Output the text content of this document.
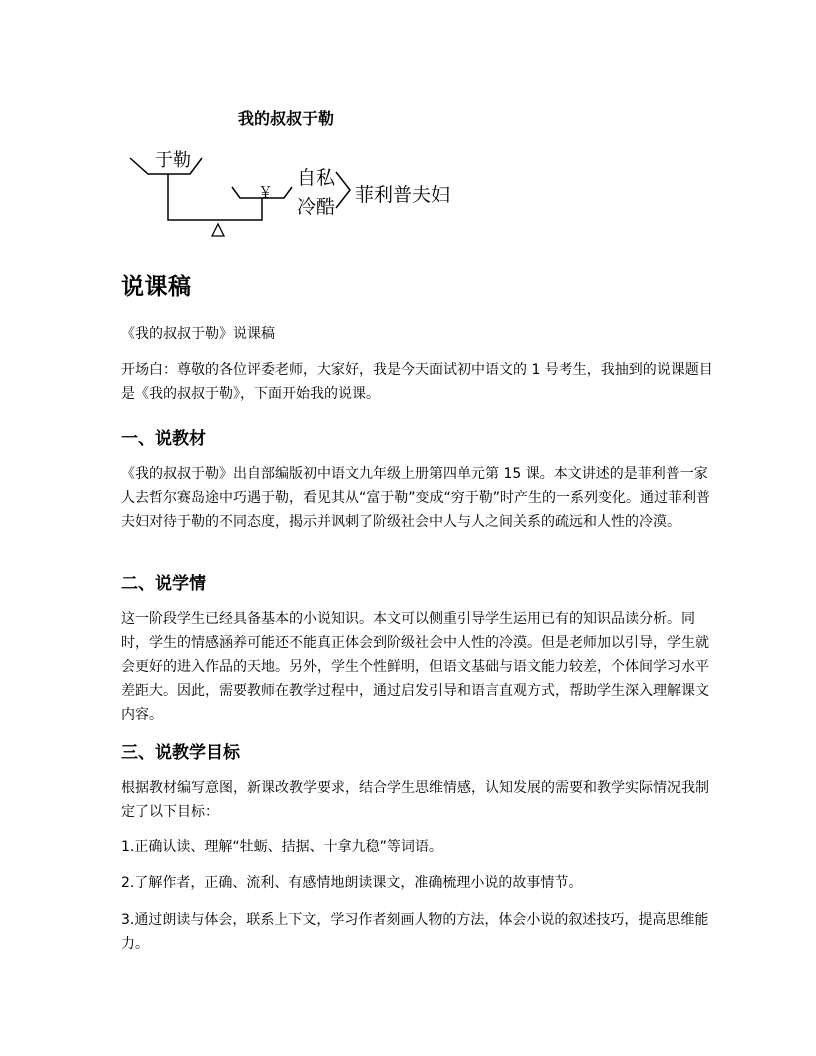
我的叔叔于勒
于勒
￥
自私
冷酷
菲利普夫妇
说课稿

《我的叔叔于勒》说课稿

开场白：尊敬的各位评委老师，大家好，我是今天面试初中语文的 1 号考生，我抽到的说课题目是《我的叔叔于勒》，下面开始我的说课。

一、说教材

《我的叔叔于勒》出自部编版初中语文九年级上册第四单元第 15 课。本文讲述的是菲利普一家人去哲尔赛岛途中巧遇于勒，看见其从“富于勒”变成“穷于勒”时产生的一系列变化。通过菲利普夫妇对待于勒的不同态度，揭示并讽刺了阶级社会中人与人之间关系的疏远和人性的冷漠。

二、说学情

这一阶段学生已经具备基本的小说知识。本文可以侧重引导学生运用已有的知识品读分析。同时，学生的情感涵养可能还不能真正体会到阶级社会中人性的冷漠。但是老师加以引导，学生就会更好的进入作品的天地。另外，学生个性鲜明，但语文基础与语文能力较差，个体间学习水平差距大。因此，需要教师在教学过程中，通过启发引导和语言直观方式，帮助学生深入理解课文内容。

三、说教学目标

根据教材编写意图，新课改教学要求，结合学生思维情感，认知发展的需要和教学实际情况我制定了以下目标：

1.正确认读、理解“牡蛎、拮据、十拿九稳”等词语。

2.了解作者，正确、流利、有感情地朗读课文，准确梳理小说的故事情节。

3.通过朗读与体会，联系上下文，学习作者刻画人物的方法，体会小说的叙述技巧，提高思维能力。
